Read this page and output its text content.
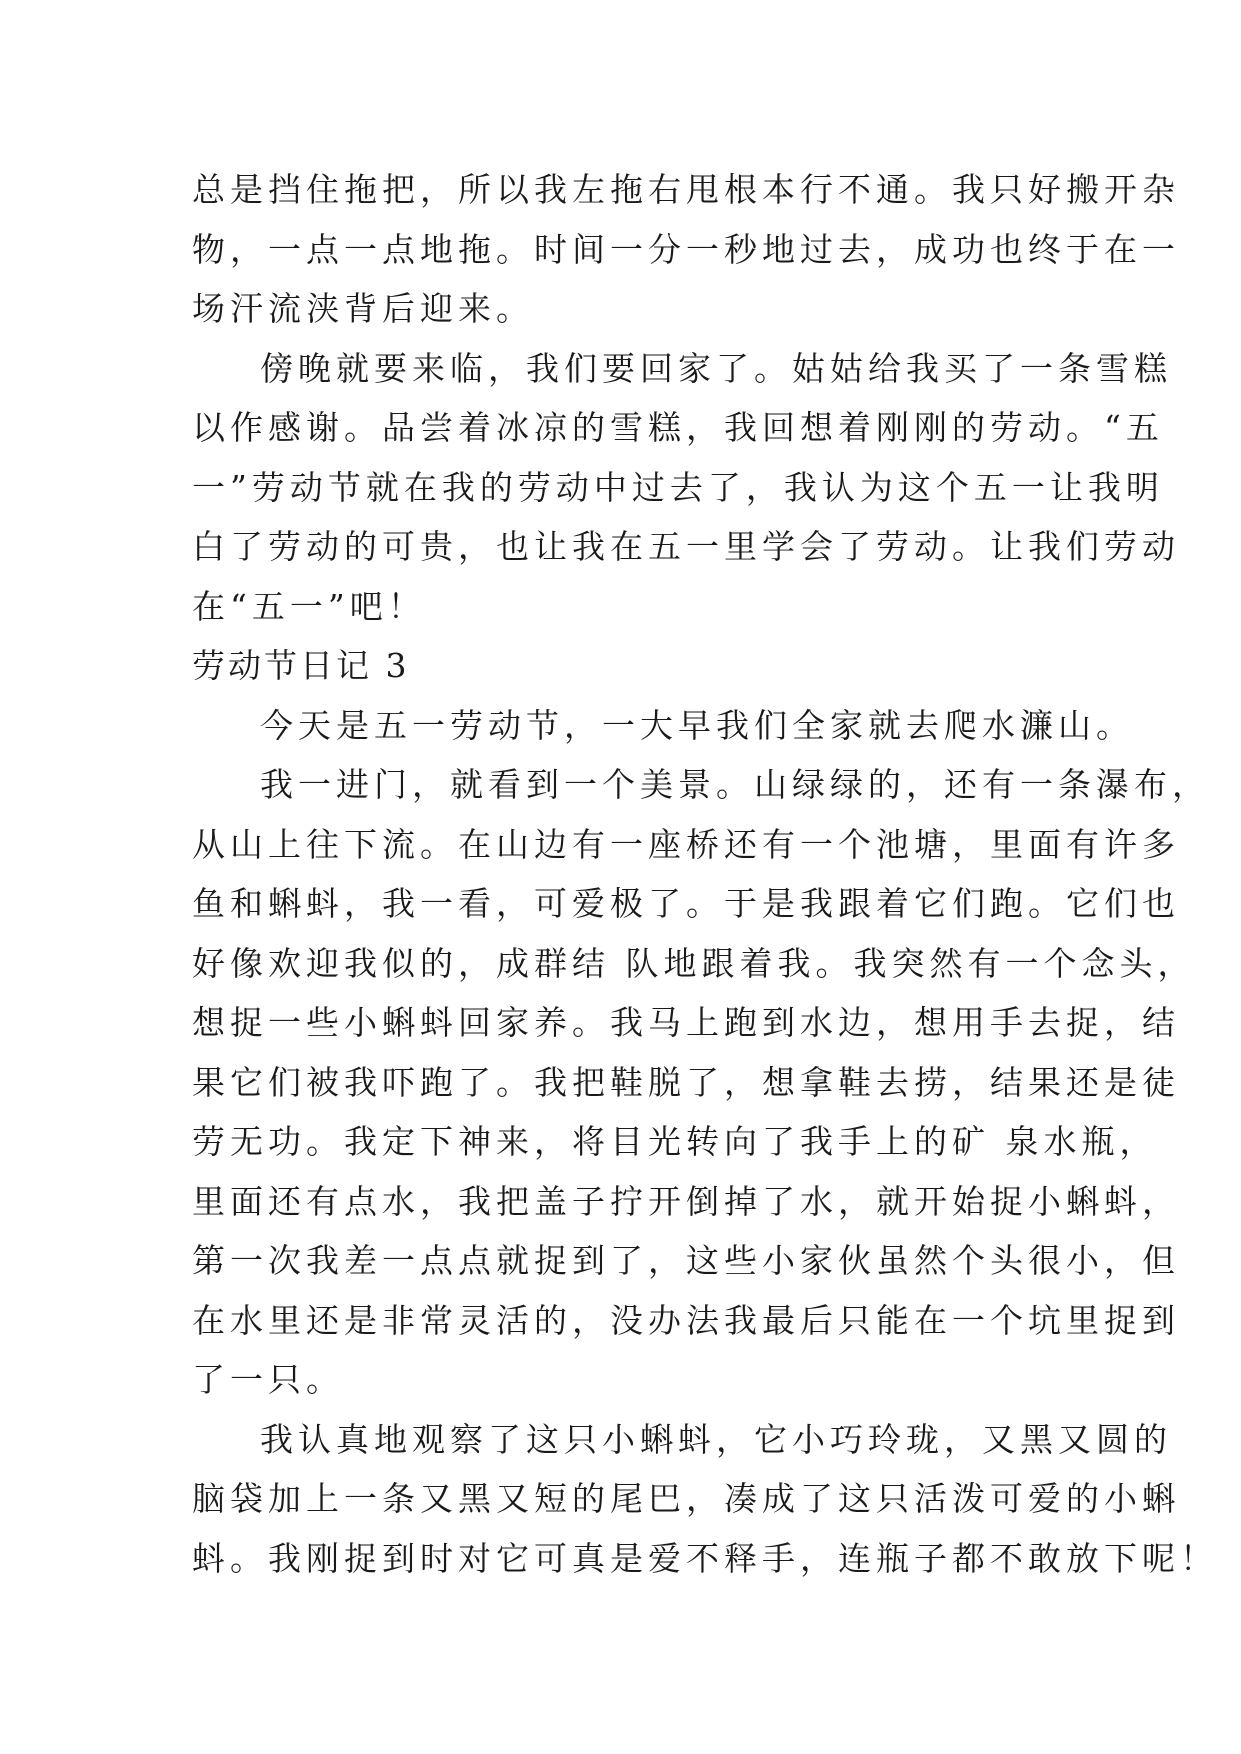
总是挡住拖把，所以我左拖右甩根本行不通。我只好搬开杂
物，一点一点地拖。时间一分一秒地过去，成功也终于在一
场汗流浃背后迎来。
傍晚就要来临，我们要回家了。姑姑给我买了一条雪糕
以作感谢。品尝着冰凉的雪糕，我回想着刚刚的劳动。“五
一”劳动节就在我的劳动中过去了，我认为这个五一让我明
白了劳动的可贵，也让我在五一里学会了劳动。让我们劳动
在“五一”吧！
劳动节日记 3
今天是五一劳动节，一大早我们全家就去爬水濂山。
我一进门，就看到一个美景。山绿绿的，还有一条瀑布，
从山上往下流。在山边有一座桥还有一个池塘，里面有许多
鱼和蝌蚪，我一看，可爱极了。于是我跟着它们跑。它们也
好像欢迎我似的，成群结 队地跟着我。我突然有一个念头，
想捉一些小蝌蚪回家养。我马上跑到水边，想用手去捉，结
果它们被我吓跑了。我把鞋脱了，想拿鞋去捞，结果还是徒
劳无功。我定下神来，将目光转向了我手上的矿 泉水瓶，
里面还有点水，我把盖子拧开倒掉了水，就开始捉小蝌蚪，
第一次我差一点点就捉到了，这些小家伙虽然个头很小，但
在水里还是非常灵活的，没办法我最后只能在一个坑里捉到
了一只。
我认真地观察了这只小蝌蚪，它小巧玲珑，又黑又圆的
脑袋加上一条又黑又短的尾巴，凑成了这只活泼可爱的小蝌
蚪。我刚捉到时对它可真是爱不释手，连瓶子都不敢放下呢！
